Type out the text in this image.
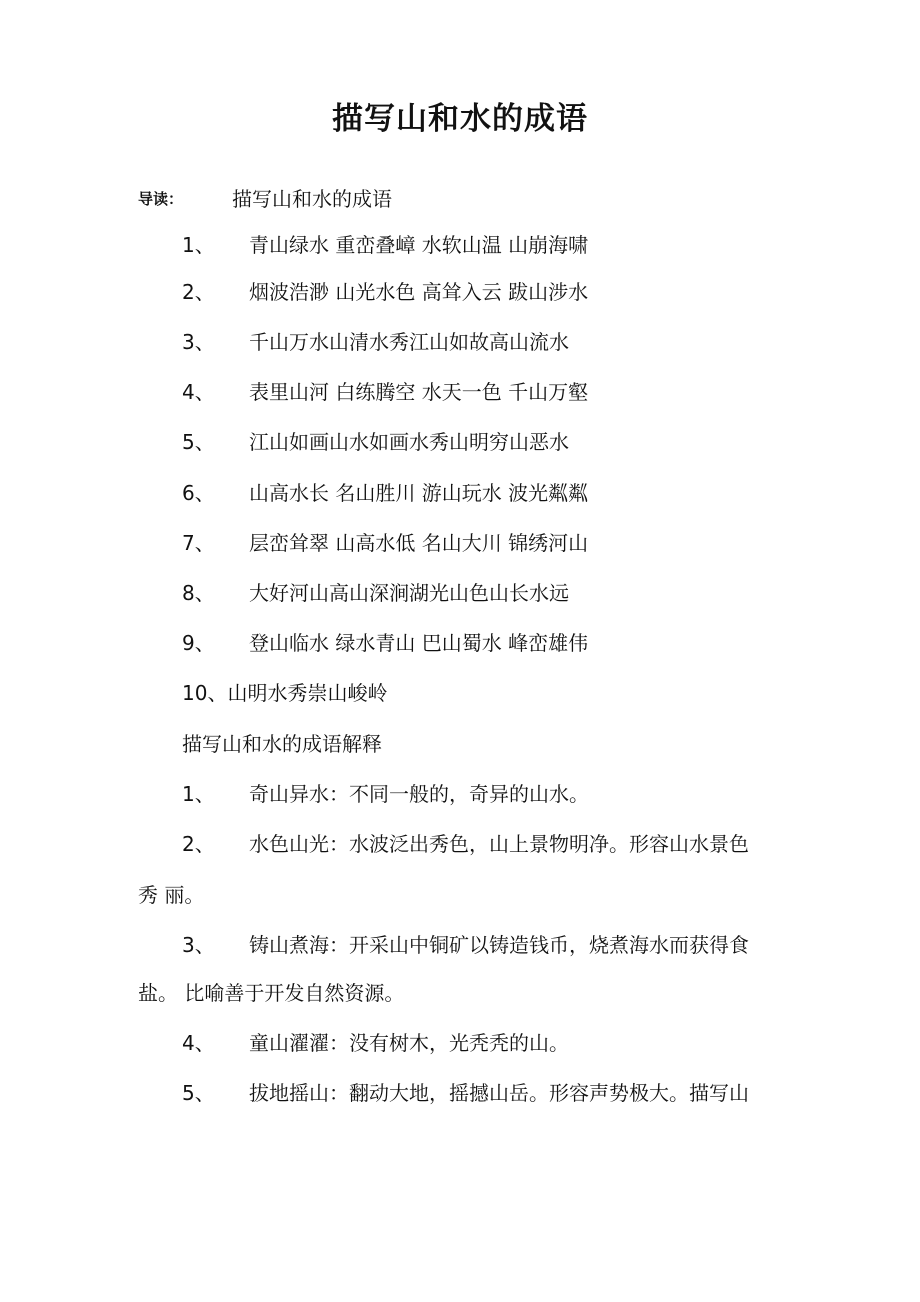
描写山和水的成语
导读： 描写山和水的成语
1、 青山绿水 重峦叠嶂 水软山温 山崩海啸
2、 烟波浩渺 山光水色 高耸入云 跋山涉水
3、 千山万水山清水秀江山如故高山流水
4、 表里山河 白练腾空 水天一色 千山万壑
5、 江山如画山水如画水秀山明穷山恶水
6、 山高水长 名山胜川 游山玩水 波光粼粼
7、 层峦耸翠 山高水低 名山大川 锦绣河山
8、 大好河山高山深涧湖光山色山长水远
9、 登山临水 绿水青山 巴山蜀水 峰峦雄伟
10、山明水秀崇山峻岭
描写山和水的成语解释
1、 奇山异水：不同一般的，奇异的山水。
2、 水色山光：水波泛出秀色，山上景物明净。形容山水景色
秀 丽。
3、 铸山煮海：开采山中铜矿以铸造钱币，烧煮海水而获得食
盐。 比喻善于开发自然资源。
4、 童山濯濯：没有树木，光秃秃的山。
5、 拔地摇山：翻动大地，摇撼山岳。形容声势极大。描写山
